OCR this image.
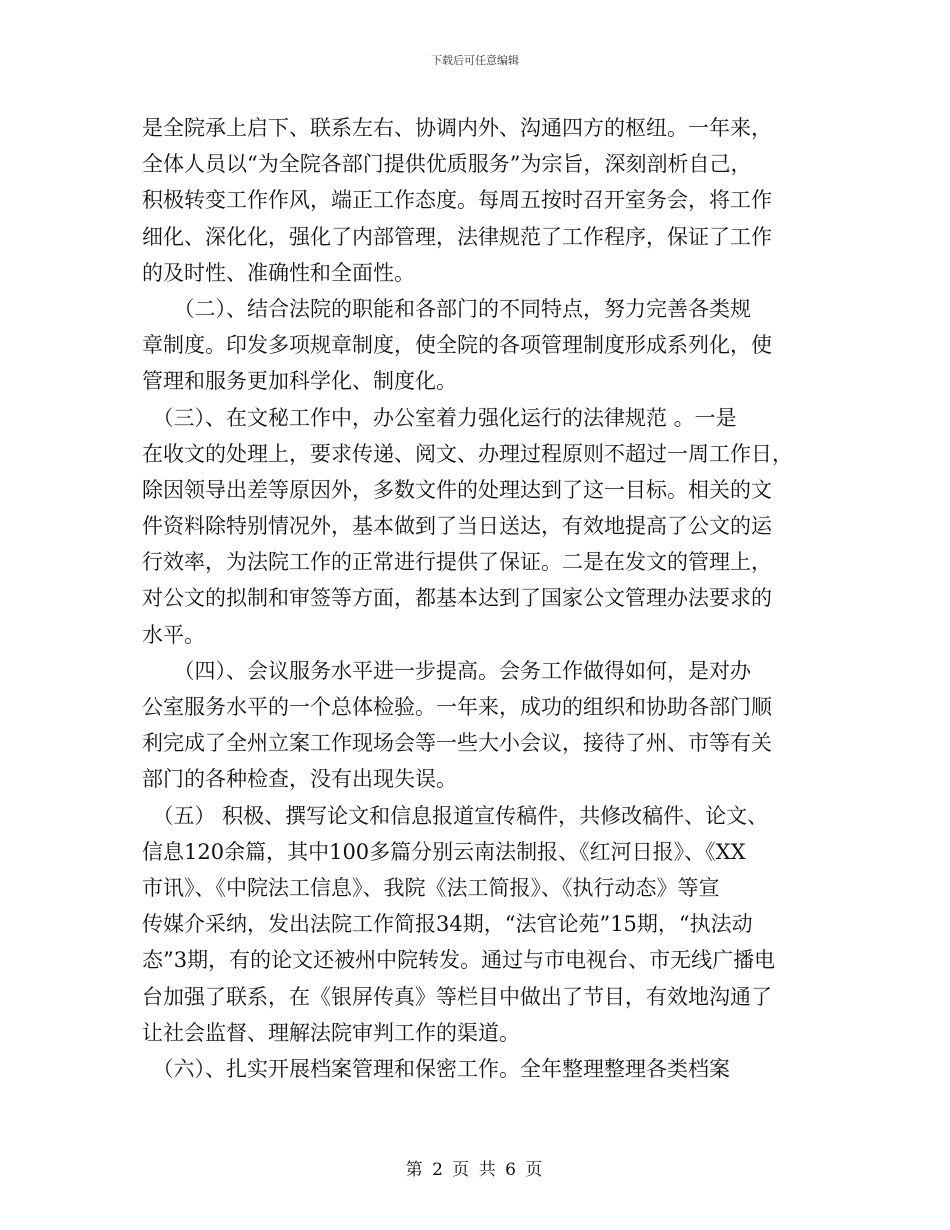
下载后可任意编辑
是全院承上启下、联系左右、协调内外、沟通四方的枢纽。一年来，
全体人员以“为全院各部门提供优质服务”为宗旨，深刻剖析自己，
积极转变工作作风，端正工作态度。每周五按时召开室务会，将工作
细化、深化化，强化了内部管理，法律规范了工作程序，保证了工作
的及时性、准确性和全面性。
　　（二）、结合法院的职能和各部门的不同特点，努力完善各类规
章制度。印发多项规章制度，使全院的各项管理制度形成系列化，使
管理和服务更加科学化、制度化。
　（三）、在文秘工作中，办公室着力强化运行的法律规范 。一是
在收文的处理上，要求传递、阅文、办理过程原则不超过一周工作日，
除因领导出差等原因外，多数文件的处理达到了这一目标。相关的文
件资料除特别情况外，基本做到了当日送达，有效地提高了公文的运
行效率，为法院工作的正常进行提供了保证。二是在发文的管理上，
对公文的拟制和审签等方面，都基本达到了国家公文管理办法要求的
水平。
　　（四）、会议服务水平进一步提高。会务工作做得如何，是对办
公室服务水平的一个总体检验。一年来，成功的组织和协助各部门顺
利完成了全州立案工作现场会等一些大小会议，接待了州、市等有关
部门的各种检查，没有出现失误。
　（五） 积极、撰写论文和信息报道宣传稿件，共修改稿件、论文、
信息120余篇，其中100多篇分别云南法制报、《红河日报》、《XX
市讯》、《中院法工信息》、我院《法工简报》、《执行动态》等宣
传媒介采纳，发出法院工作简报34期，“法官论苑”15期，“执法动
态”3期，有的论文还被州中院转发。通过与市电视台、市无线广播电
台加强了联系，在《银屏传真》等栏目中做出了节目，有效地沟通了
让社会监督、理解法院审判工作的渠道。
　（六）、扎实开展档案管理和保密工作。全年整理整理各类档案
第 2 页 共 6 页
